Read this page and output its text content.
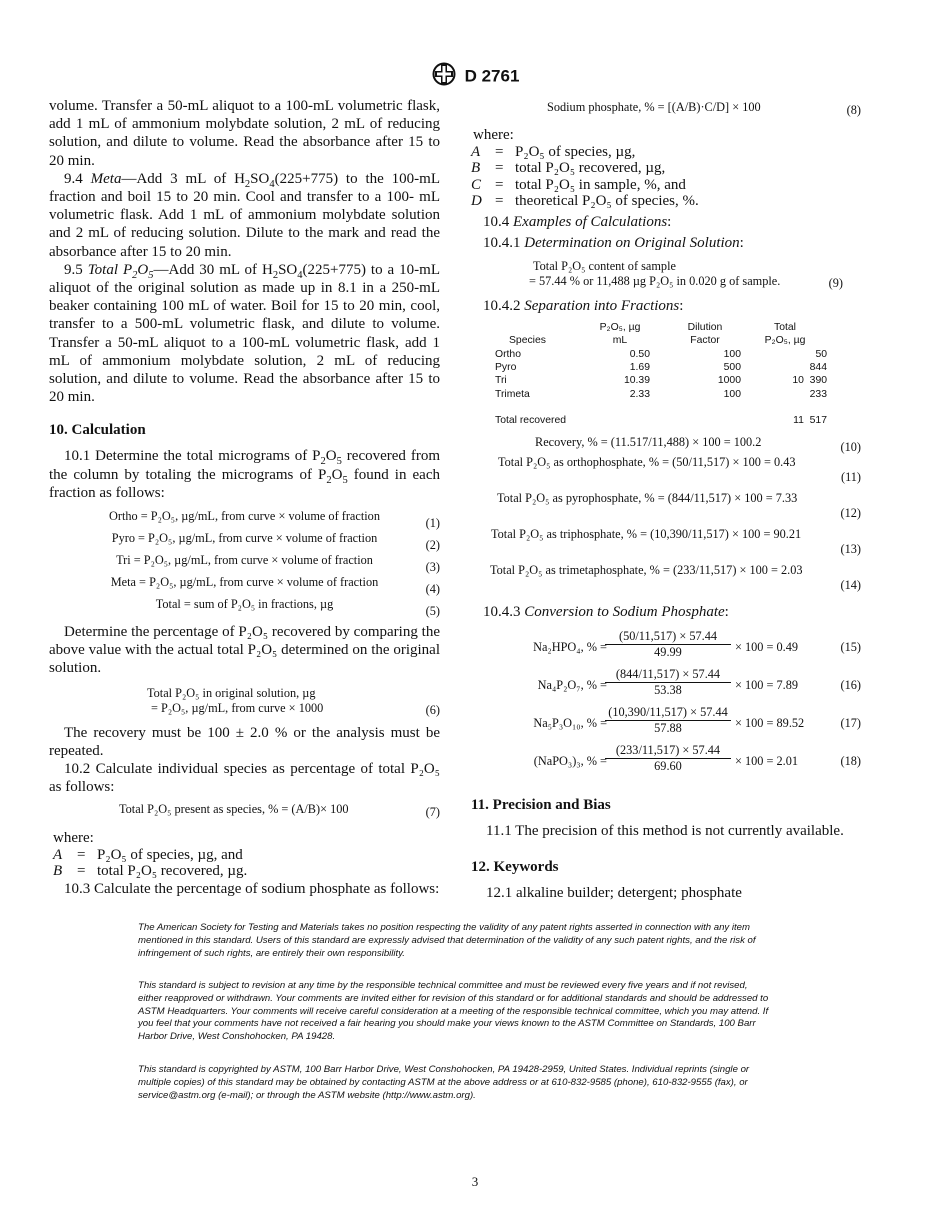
D 2761

volume. Transfer a 50-mL aliquot to a 100-mL volumetric flask, add 1 mL of ammonium molybdate solution, 2 mL of reducing solution, and dilute to volume. Read the absorbance after 15 to 20 min.

9.4 Meta—Add 3 mL of $H_2SO_4(225+775)$ to the 100-mL fraction and boil 15 to 20 min. Cool and transfer to a 100- mL volumetric flask. Add 1 mL of ammonium molybdate solution and 2 mL of reducing solution. Dilute to the mark and read the absorbance after 15 to 20 min.

9.5 Total $P_2O_5—Add$ 30 mL of $H_2SO_4(225+775)$ to a 10-mL aliquot of the original solution as made up in 8.1 in a 250-mL beaker containing 100 mL of water. Boil for 15 to 20 min, cool, transfer to a 500-mL volumetric flask, and dilute to volume. Transfer a 50-mL aliquot to a 100-mL volumetric flask, add 1 mL of ammonium molybdate solution, 2 mL of reducing solution, and dilute to volume. Read the absorbance after 15 to 20 min.

10. Calculation

10.1 Determine the total micrograms of $P_2O_5$ recovered from the column by totaling the micrograms of $P_2O_5$ found in each fraction as follows:

Ortho = P₂O₅, µg/mL, from curve × volume of fraction	(1)
Pyro = P₂O₅, µg/mL, from curve × volume of fraction	(2)
Tri = P₂O₅, µg/mL, from curve × volume of fraction	(3)
Meta = P₂O₅, µg/mL, from curve × volume of fraction	(4)
Total = sum of P₂O₅ in fractions, µg	(5)

Determine the percentage of P₂O₅ recovered by comparing the above value with the actual total P₂O₅ determined on the original solution.

Total P₂O₅ in original solution, µg
= P₂O₅, µg/mL, from curve × 1000	(6)

The recovery must be 100 ± 2.0 % or the analysis must be repeated.

10.2 Calculate individual species as percentage of total P₂O₅ as follows:

Total P₂O₅ present as species, % = (A/B)× 100	(7)
where:
A = P₂O₅ of species, µg, and
B = total P₂O₅ recovered, µg.

10.3 Calculate the percentage of sodium phosphate as follows:

Sodium phosphate, % = [(A/B)·C/D] × 100	(8)
where:
A = P₂O₅ of species, µg,
B = total P₂O₅ recovered, µg,
C = total P₂O₅ in sample, %, and
D = theoretical P₂O₅ of species, %.

10.4 Examples of Calculations:

10.4.1 Determination on Original Solution:

Total P₂O₅ content of sample
= 57.44 % or 11,488 µg P₂O₅ in 0.020 g of sample.	(9)

10.4.2 Separation into Fractions:

P₂O₅, µg	Dilution	Total
Species	mL	Factor	P₂O₅, µg
Ortho	0.50	100	50
Pyro	1.69	500	844
Tri	10.39	1000	10  390
Trimeta	2.33	100	233
Total recovered	11  517
Recovery, % = (11.517/11,488) × 100 = 100.2	(10)
Total P₂O₅ as orthophosphate, % = (50/11,517) × 100 = 0.43
(11)
Total P₂O₅ as pyrophosphate, % = (844/11,517) × 100 = 7.33
(12)
Total P₂O₅ as triphosphate, % = (10,390/11,517) × 100 = 90.21
(13)
Total P₂O₅ as trimetaphosphate, % = (233/11,517) × 100 = 2.03
(14)

10.4.3 Conversion to Sodium Phosphate:

Na₂HPO₄, % =
(50/11,517) × 57.44
49.99	× 100 = 0.49	(15)
Na₄P₂O₇, % =
(844/11,517) × 57.44
53.38	× 100 = 7.89	(16)
Na₅P₃O₁₀, % =
(10,390/11,517) × 57.44
57.88	× 100 = 89.52	(17)
(NaPO₃)₃, % =
(233/11,517) × 57.44
69.60	× 100 = 2.01	(18)
11. Precision and Bias

11.1 The precision of this method is not currently available.

12. Keywords

12.1 alkaline builder; detergent; phosphate

The American Society for Testing and Materials takes no position respecting the validity of any patent rights asserted in connection with any item mentioned in this standard. Users of this standard are expressly advised that determination of the validity of any such patent rights, and the risk of infringement of such rights, are entirely their own responsibility.

This standard is subject to revision at any time by the responsible technical committee and must be reviewed every five years and if not revised, either reapproved or withdrawn. Your comments are invited either for revision of this standard or for additional standards and should be addressed to ASTM Headquarters. Your comments will receive careful consideration at a meeting of the responsible technical committee, which you may attend. If you feel that your comments have not received a fair hearing you should make your views known to the ASTM Committee on Standards, 100 Barr Harbor Drive, West Conshohocken, PA 19428.

This standard is copyrighted by ASTM, 100 Barr Harbor Drive, West Conshohocken, PA 19428-2959, United States. Individual reprints (single or multiple copies) of this standard may be obtained by contacting ASTM at the above address or at 610-832-9585 (phone), 610-832-9555 (fax), or service@astm.org (e-mail); or through the ASTM website (http://www.astm.org).

3
